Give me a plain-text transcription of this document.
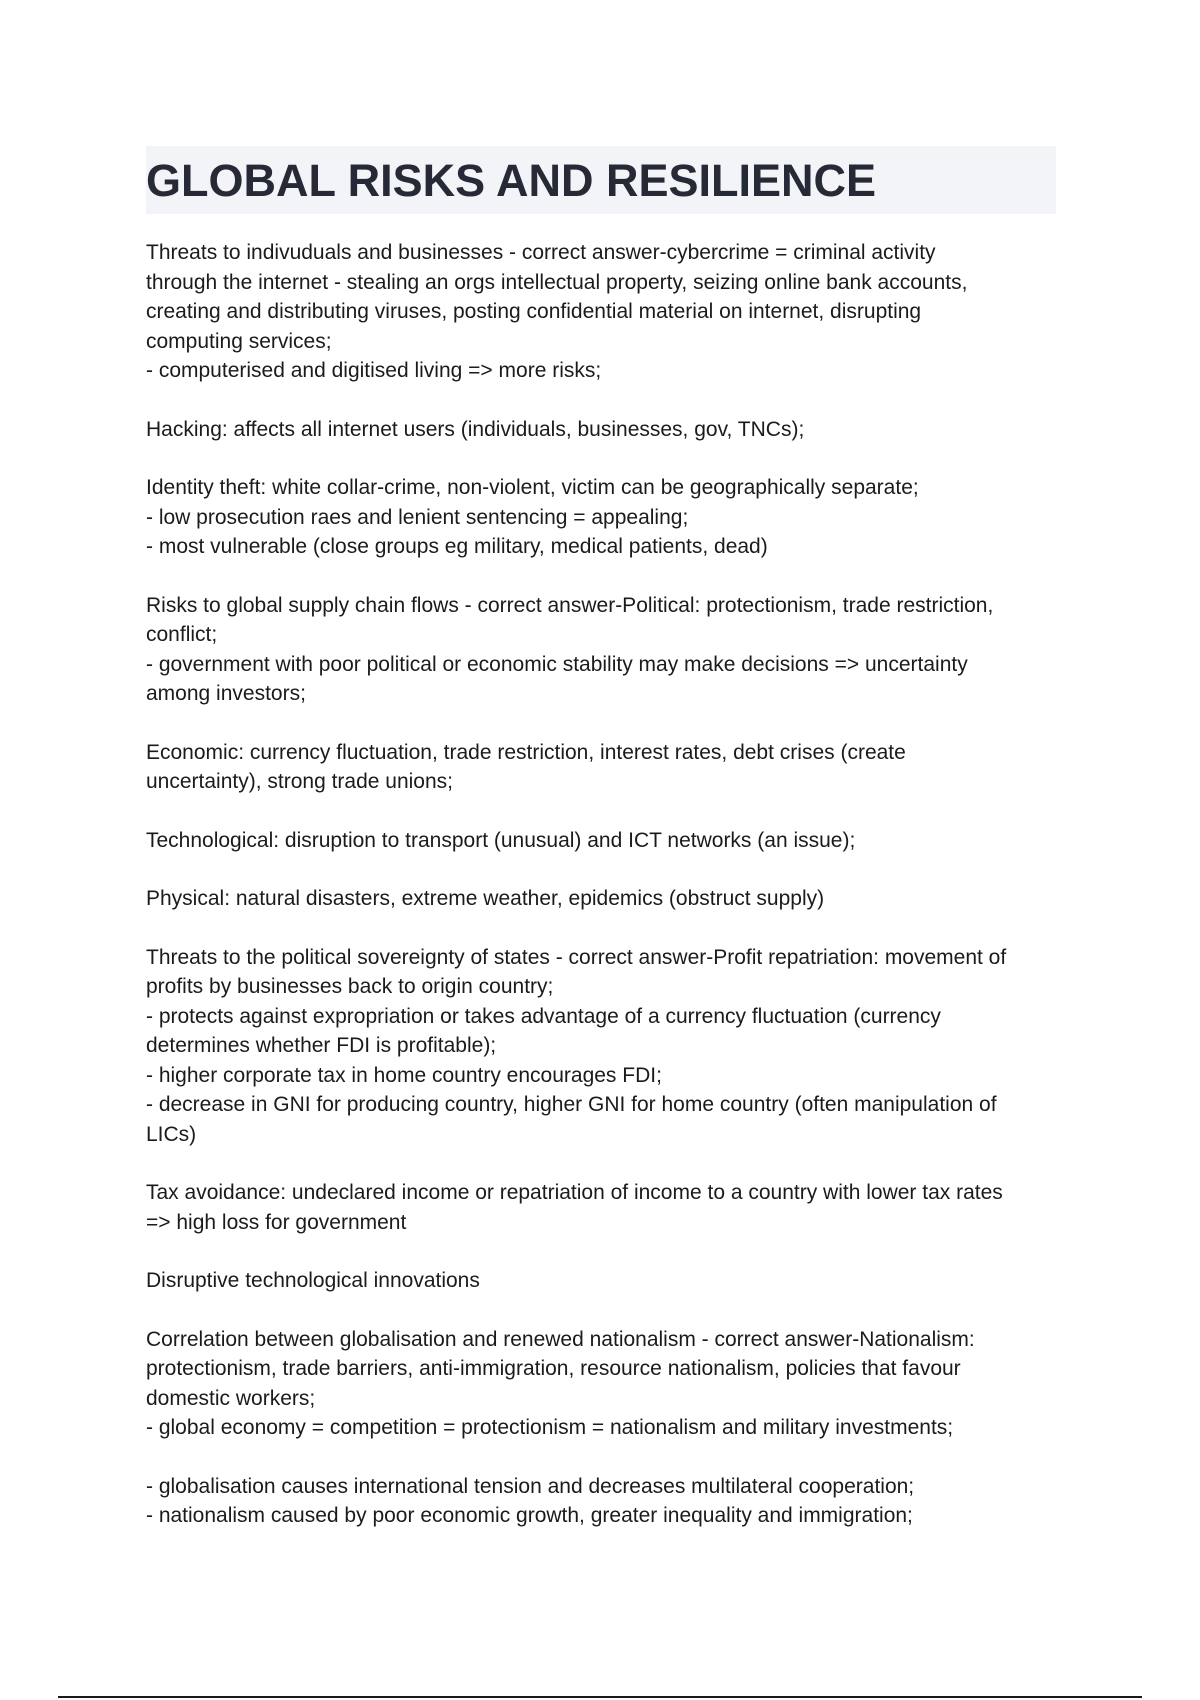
GLOBAL RISKS AND RESILIENCE

Threats to indivuduals and businesses - correct answer-cybercrime = criminal activity
through the internet - stealing an orgs intellectual property, seizing online bank accounts,
creating and distributing viruses, posting confidential material on internet, disrupting
computing services;
- computerised and digitised living => more risks;

Hacking: affects all internet users (individuals, businesses, gov, TNCs);

Identity theft: white collar-crime, non-violent, victim can be geographically separate;
- low prosecution raes and lenient sentencing = appealing;
- most vulnerable (close groups eg military, medical patients, dead)

Risks to global supply chain flows - correct answer-Political: protectionism, trade restriction,
conflict;
- government with poor political or economic stability may make decisions => uncertainty
among investors;

Economic: currency fluctuation, trade restriction, interest rates, debt crises (create
uncertainty), strong trade unions;

Technological: disruption to transport (unusual) and ICT networks (an issue);

Physical: natural disasters, extreme weather, epidemics (obstruct supply)

Threats to the political sovereignty of states - correct answer-Profit repatriation: movement of
profits by businesses back to origin country;
- protects against expropriation or takes advantage of a currency fluctuation (currency
determines whether FDI is profitable);
- higher corporate tax in home country encourages FDI;
- decrease in GNI for producing country, higher GNI for home country (often manipulation of
LICs)

Tax avoidance: undeclared income or repatriation of income to a country with lower tax rates
=> high loss for government

Disruptive technological innovations

Correlation between globalisation and renewed nationalism - correct answer-Nationalism:
protectionism, trade barriers, anti-immigration, resource nationalism, policies that favour
domestic workers;
- global economy = competition = protectionism = nationalism and military investments;

- globalisation causes international tension and decreases multilateral cooperation;
- nationalism caused by poor economic growth, greater inequality and immigration;
